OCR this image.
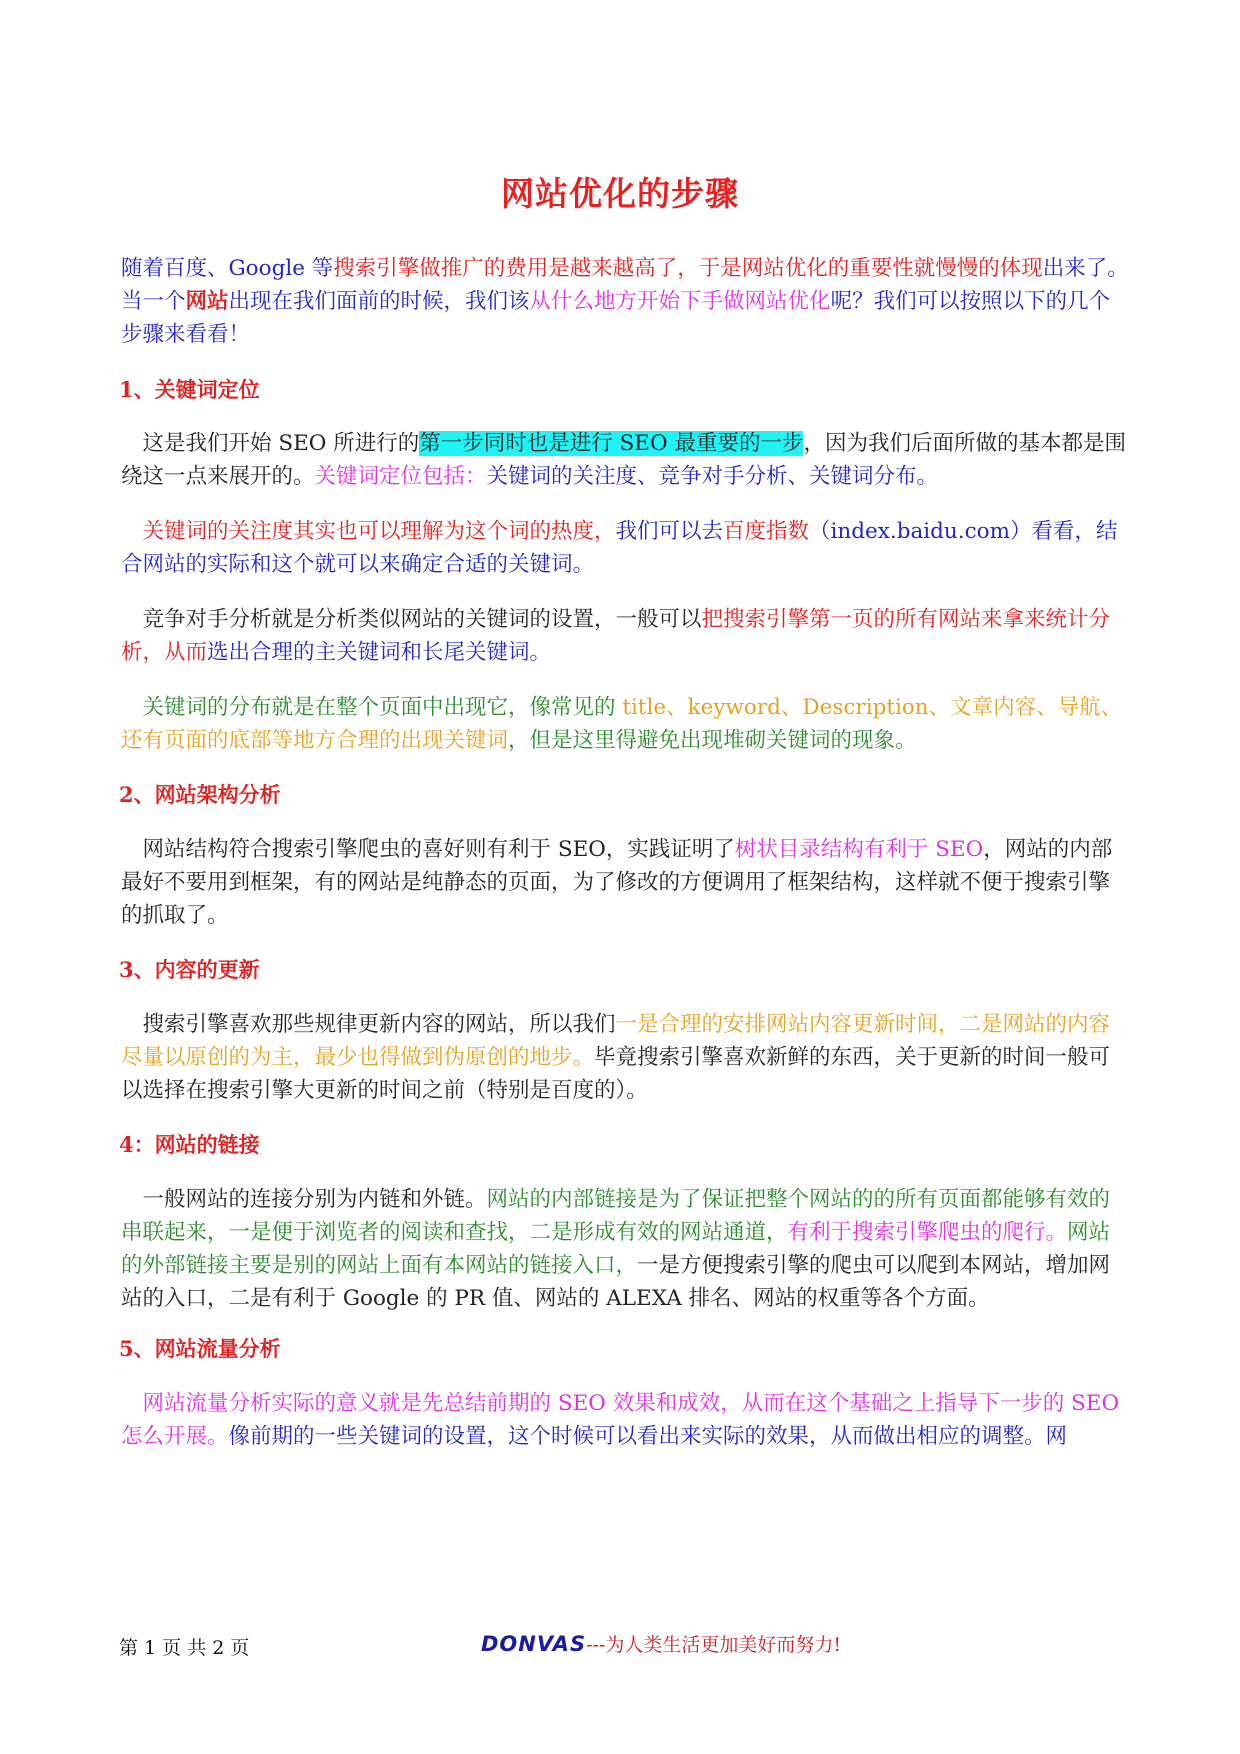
网站优化的步骤

随着百度、Google 等搜索引擎做推广的费用是越来越高了，于是网站优化的重要性就慢慢的体现出来了。当一个网站出现在我们面前的时候，我们该从什么地方开始下手做网站优化呢？我们可以按照以下的几个步骤来看看！

1、关键词定位

　这是我们开始 SEO 所进行的第一步同时也是进行 SEO 最重要的一步，因为我们后面所做的基本都是围绕这一点来展开的。关键词定位包括：关键词的关注度、竞争对手分析、关键词分布。

　关键词的关注度其实也可以理解为这个词的热度，我们可以去百度指数（index.baidu.com）看看，结合网站的实际和这个就可以来确定合适的关键词。

　竞争对手分析就是分析类似网站的关键词的设置，一般可以把搜索引擎第一页的所有网站来拿来统计分析，从而选出合理的主关键词和长尾关键词。

　关键词的分布就是在整个页面中出现它，像常见的 title、keyword、Description、文章内容、导航、还有页面的底部等地方合理的出现关键词，但是这里得避免出现堆砌关键词的现象。

2、网站架构分析

　网站结构符合搜索引擎爬虫的喜好则有利于 SEO，实践证明了树状目录结构有利于 SEO，网站的内部最好不要用到框架，有的网站是纯静态的页面，为了修改的方便调用了框架结构，这样就不便于搜索引擎的抓取了。

3、内容的更新

　搜索引擎喜欢那些规律更新内容的网站，所以我们一是合理的安排网站内容更新时间，二是网站的内容尽量以原创的为主，最少也得做到伪原创的地步。毕竟搜索引擎喜欢新鲜的东西，关于更新的时间一般可以选择在搜索引擎大更新的时间之前（特别是百度的）。

4：网站的链接

　一般网站的连接分别为内链和外链。网站的内部链接是为了保证把整个网站的的所有页面都能够有效的串联起来，一是便于浏览者的阅读和查找，二是形成有效的网站通道，有利于搜索引擎爬虫的爬行。网站的外部链接主要是别的网站上面有本网站的链接入口，一是方便搜索引擎的爬虫可以爬到本网站，增加网站的入口，二是有利于 Google 的 PR 值、网站的 ALEXA 排名、网站的权重等各个方面。

5、网站流量分析

　网站流量分析实际的意义就是先总结前期的 SEO 效果和成效，从而在这个基础之上指导下一步的 SEO 怎么开展。像前期的一些关键词的设置，这个时候可以看出来实际的效果，从而做出相应的调整。网

第 1 页 共 2 页	DONVAS---为人类生活更加美好而努力!
